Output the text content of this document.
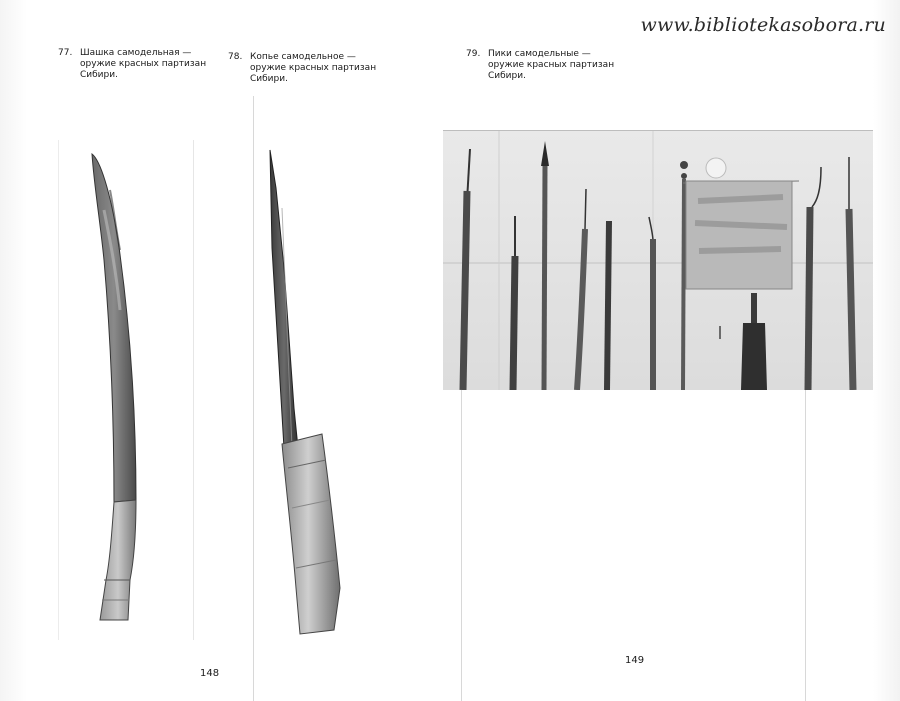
www.bibliotekasobora.ru
77. Шашка самодельная —
оружие красных партизан
Сибири.
78. Копье самодельное —
оружие красных партизан
Сибири.
79. Пики самодельные —
оружие красных партизан
Сибири.
148
149
